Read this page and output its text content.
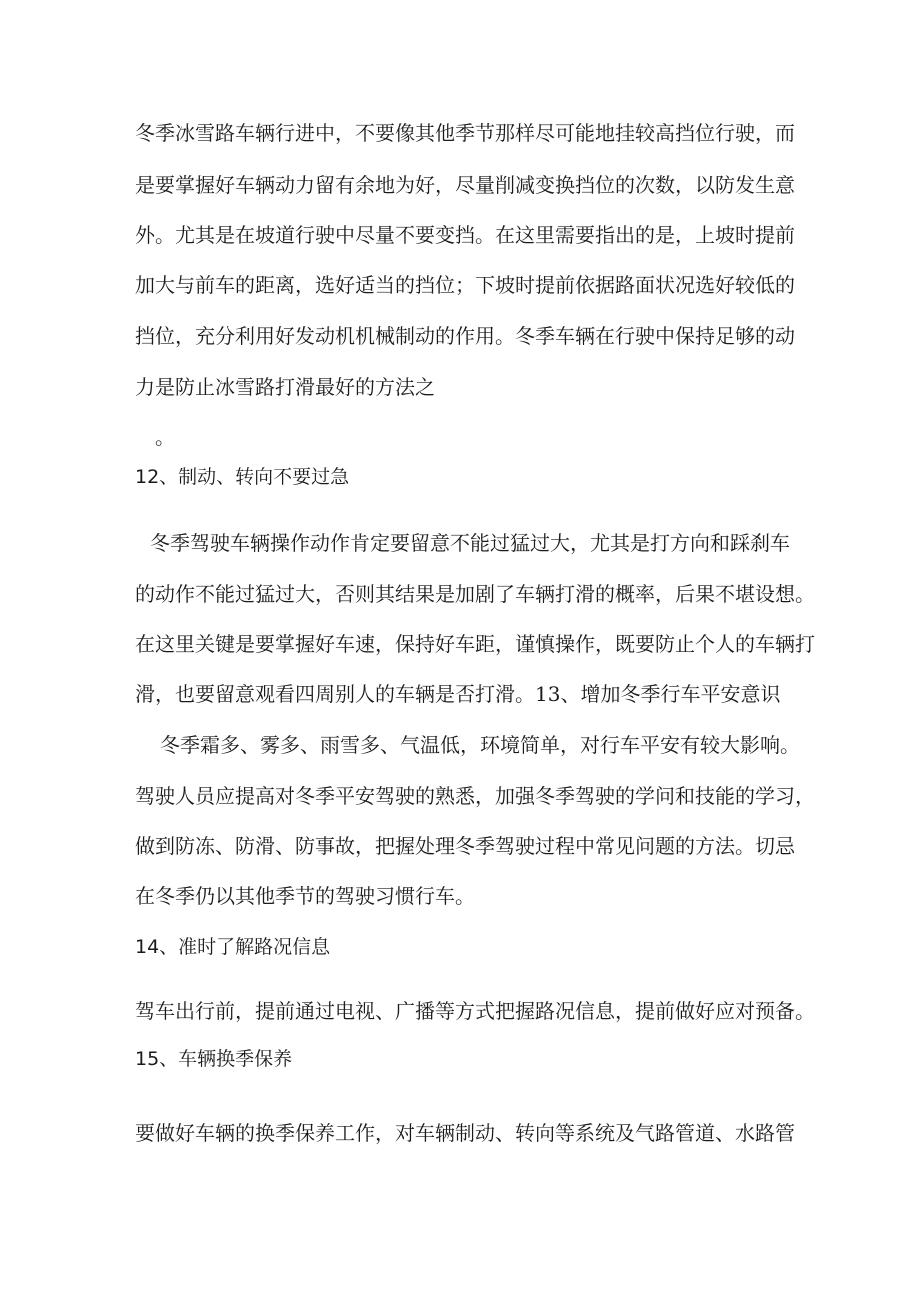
冬季冰雪路车辆行进中，不要像其他季节那样尽可能地挂较高挡位行驶，而
是要掌握好车辆动力留有余地为好，尽量削减变换挡位的次数，以防发生意
外。尤其是在坡道行驶中尽量不要变挡。在这里需要指出的是，上坡时提前
加大与前车的距离，选好适当的挡位；下坡时提前依据路面状况选好较低的
挡位，充分利用好发动机机械制动的作用。冬季车辆在行驶中保持足够的动
力是防止冰雪路打滑最好的方法之
。
12、制动、转向不要过急
冬季驾驶车辆操作动作肯定要留意不能过猛过大，尤其是打方向和踩刹车
的动作不能过猛过大，否则其结果是加剧了车辆打滑的概率，后果不堪设想。
在这里关键是要掌握好车速，保持好车距，谨慎操作，既要防止个人的车辆打
滑，也要留意观看四周别人的车辆是否打滑。13、增加冬季行车平安意识
冬季霜多、雾多、雨雪多、气温低，环境简单，对行车平安有较大影响。
驾驶人员应提高对冬季平安驾驶的熟悉，加强冬季驾驶的学问和技能的学习，
做到防冻、防滑、防事故，把握处理冬季驾驶过程中常见问题的方法。切忌
在冬季仍以其他季节的驾驶习惯行车。
14、准时了解路况信息
驾车出行前，提前通过电视、广播等方式把握路况信息，提前做好应对预备。
15、车辆换季保养
要做好车辆的换季保养工作，对车辆制动、转向等系统及气路管道、水路管
